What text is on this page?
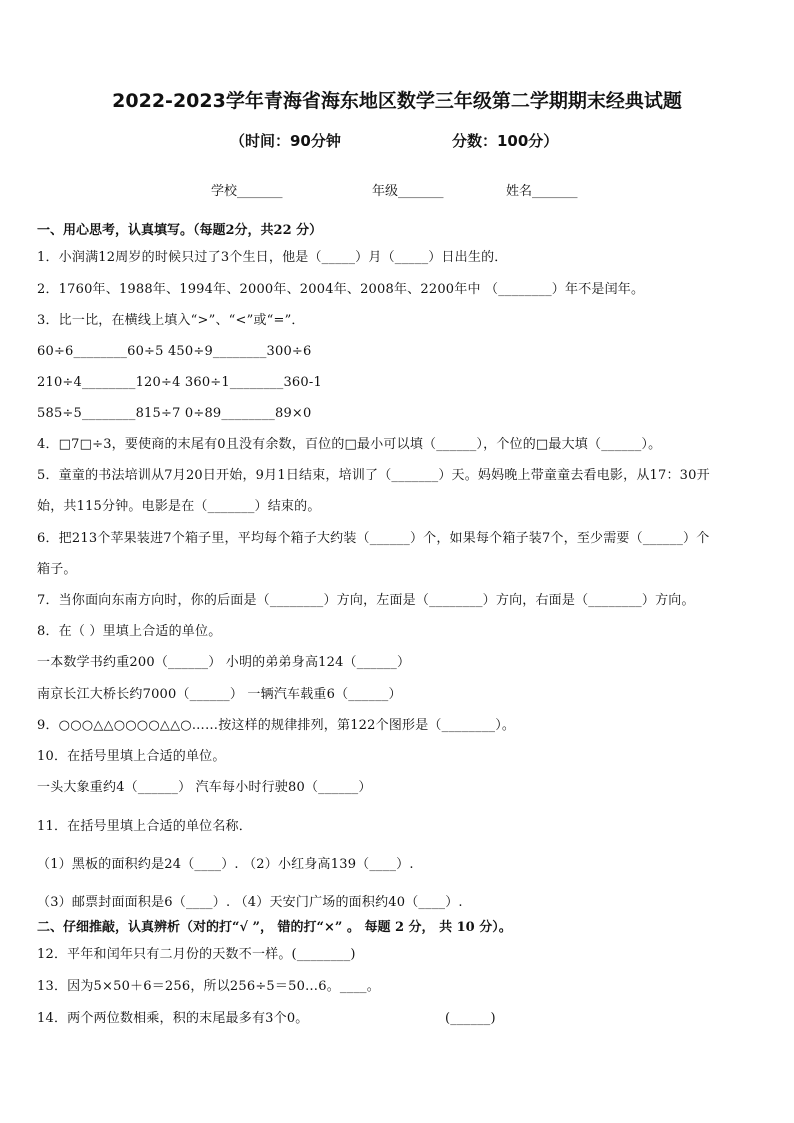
2022-2023学年青海省海东地区数学三年级第二学期期末经典试题
（时间：90分钟	分数：100分）
学校_______	年级_______	姓名_______
一、用心思考，认真填写。（每题2分，共22 分）
1．小润满12周岁的时候只过了3个生日，他是（_____）月（_____）日出生的．
2．1760年、1988年、1994年、2000年、2004年、2008年、2200年中 （________）年不是闰年。
3．比一比，在横线上填入“>”、“<”或“=”．
60÷6________60÷5 450÷9________300÷6
210÷4________120÷4 360÷1________360-1
585÷5________815÷7 0÷89________89×0
4．□7□÷3，要使商的末尾有0且没有余数，百位的□最小可以填（______），个位的□最大填（______）。
5．童童的书法培训从7月20日开始，9月1日结束，培训了（_______）天。妈妈晚上带童童去看电影，从17：30开
始，共115分钟。电影是在（_______）结束的。
6．把213个苹果装进7个箱子里，平均每个箱子大约装（______）个，如果每个箱子装7个，至少需要（______）个
箱子。
7．当你面向东南方向时，你的后面是（________）方向，左面是（________）方向，右面是（________）方向。
8．在（ ）里填上合适的单位。
一本数学书约重200（______） 小明的弟弟身高124（______）
南京长江大桥长约7000（______） 一辆汽车载重6（______）
9．○○○△△○○○○△△○……按这样的规律排列，第122个图形是（________）。
10．在括号里填上合适的单位。
一头大象重约4（______） 汽车每小时行驶80（______）
11．在括号里填上合适的单位名称．
（1）黑板的面积约是24（____）. （2）小红身高139（____）.
（3）邮票封面面积是6（____）. （4）天安门广场的面积约40（____）.
二、仔细推敲，认真辨析（对的打“√ ”， 错的打“×” 。 每题 2 分， 共 10 分）。
12．平年和闰年只有二月份的天数不一样。(________)
13．因为5×50＋6＝256，所以256÷5＝50…6。____。
14．两个两位数相乘，积的末尾最多有3个0。	(______)
